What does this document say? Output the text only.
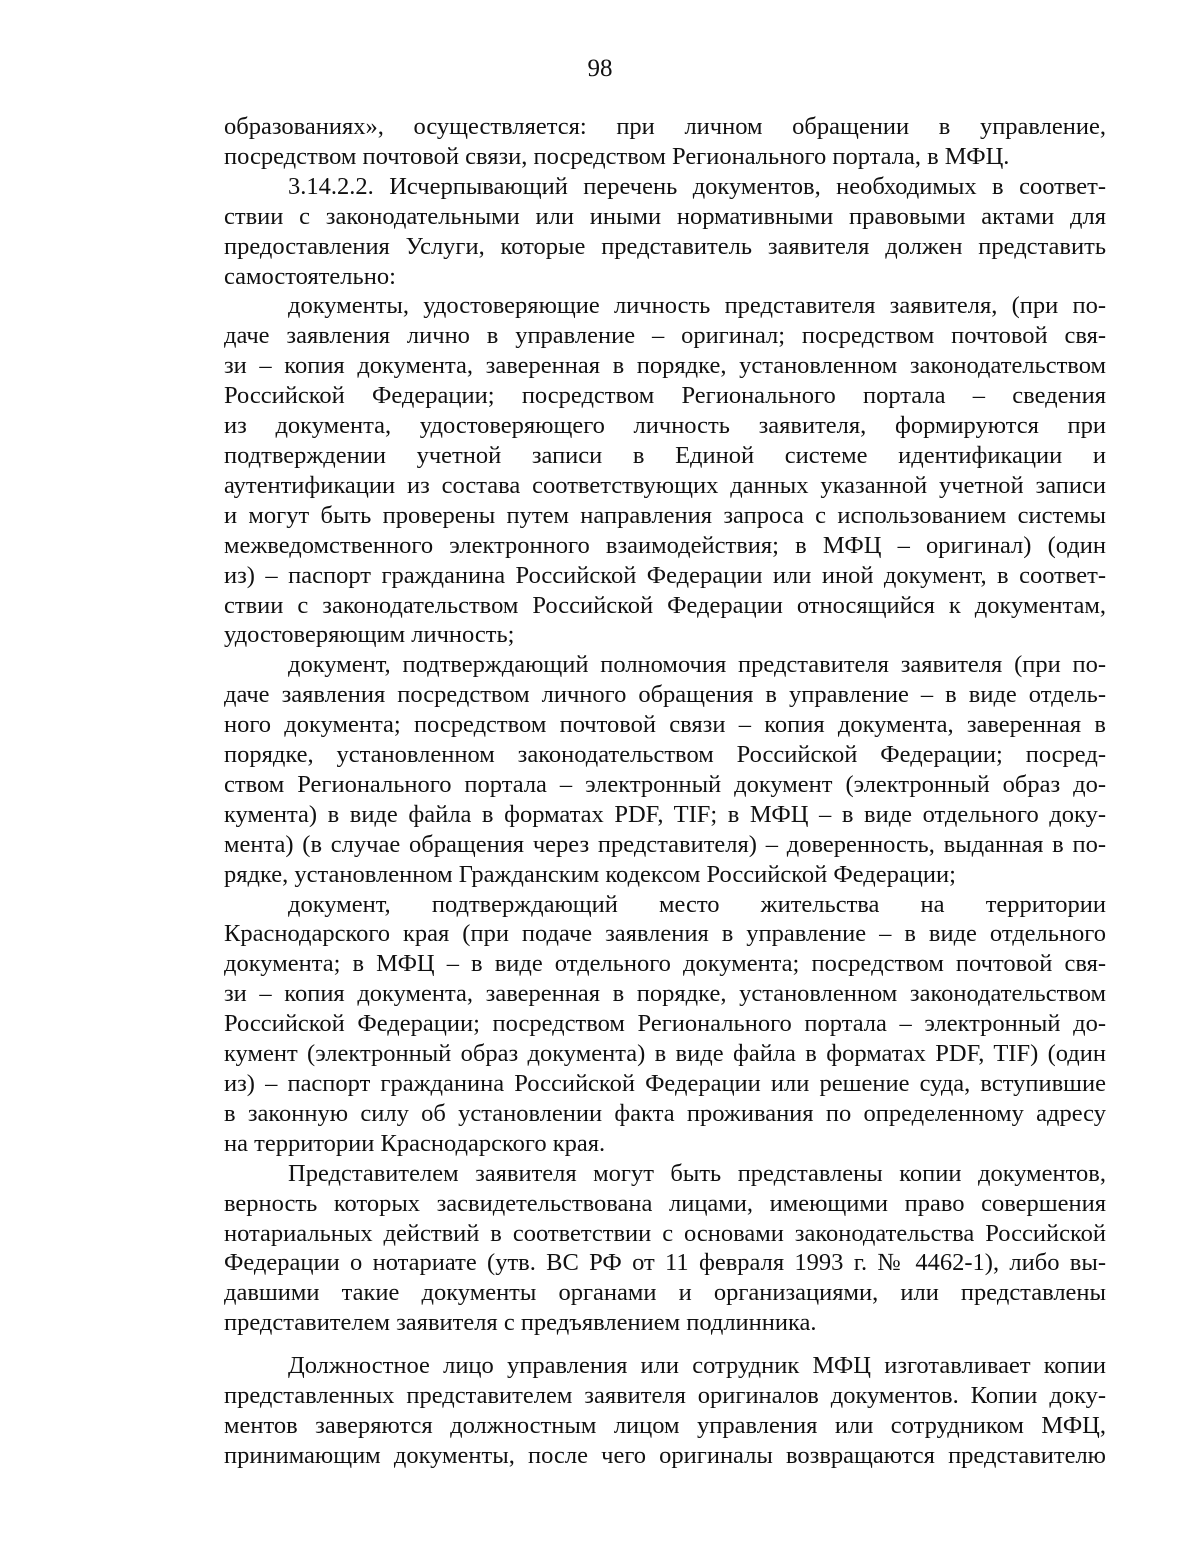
98

образованиях», осуществляется: при личном обращении в управление,

посредством почтовой связи, посредством Регионального портала, в МФЦ.

3.14.2.2. Исчерпывающий перечень документов, необходимых в соответ-

ствии с законодательными или иными нормативными правовыми актами для

предоставления Услуги, которые представитель заявителя должен представить

самостоятельно:

документы, удостоверяющие личность представителя заявителя, (при по-

даче заявления лично в управление – оригинал; посредством почтовой свя-

зи – копия документа, заверенная в порядке, установленном законодательством

Российской Федерации; посредством Регионального портала – сведения

из документа, удостоверяющего личность заявителя, формируются при

подтверждении учетной записи в Единой системе идентификации и

аутентификации из состава соответствующих данных указанной учетной записи

и могут быть проверены путем направления запроса с использованием системы

межведомственного электронного взаимодействия; в МФЦ – оригинал) (один

из) – паспорт гражданина Российской Федерации или иной документ, в соответ-

ствии с законодательством Российской Федерации относящийся к документам,

удостоверяющим личность;

документ, подтверждающий полномочия представителя заявителя (при по-

даче заявления посредством личного обращения в управление – в виде отдель-

ного документа; посредством почтовой связи – копия документа, заверенная в

порядке, установленном законодательством Российской Федерации; посред-

ством Регионального портала – электронный документ (электронный образ до-

кумента) в виде файла в форматах PDF, TIF; в МФЦ – в виде отдельного доку-

мента) (в случае обращения через представителя) – доверенность, выданная в по-

рядке, установленном Гражданским кодексом Российской Федерации;

документ, подтверждающий место жительства на территории

Краснодарского края (при подаче заявления в управление – в виде отдельного

документа; в МФЦ – в виде отдельного документа; посредством почтовой свя-

зи – копия документа, заверенная в порядке, установленном законодательством

Российской Федерации; посредством Регионального портала – электронный до-

кумент (электронный образ документа) в виде файла в форматах PDF, TIF) (один

из) – паспорт гражданина Российской Федерации или решение суда, вступившие

в законную силу об установлении факта проживания по определенному адресу

на территории Краснодарского края.

Представителем заявителя могут быть представлены копии документов,

верность которых засвидетельствована лицами, имеющими право совершения

нотариальных действий в соответствии с основами законодательства Российской

Федерации о нотариате (утв. ВС РФ от 11 февраля 1993 г. № 4462-1), либо вы-

давшими такие документы органами и организациями, или представлены

представителем заявителя с предъявлением подлинника.

Должностное лицо управления или сотрудник МФЦ изготавливает копии

представленных представителем заявителя оригиналов документов. Копии доку-

ментов заверяются должностным лицом управления или сотрудником МФЦ,

принимающим документы, после чего оригиналы возвращаются представителю
